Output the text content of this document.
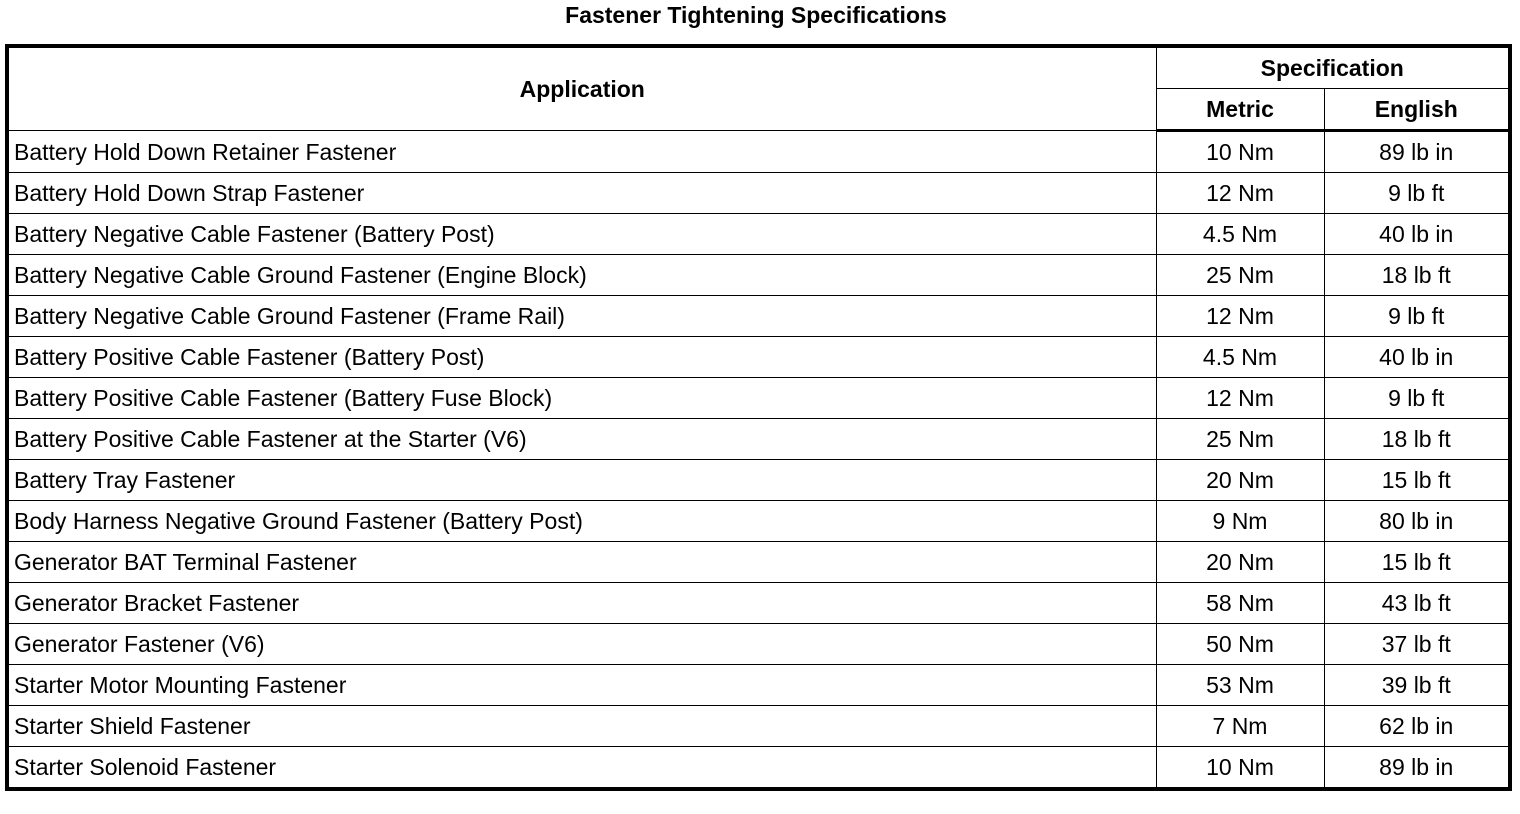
Fastener Tightening Specifications
Application	Specification	
	Metric	English
Battery Hold Down Retainer Fastener	10 Nm	89 lb in
Battery Hold Down Strap Fastener	12 Nm	9 lb ft
Battery Negative Cable Fastener (Battery Post)	4.5 Nm	40 lb in
Battery Negative Cable Ground Fastener (Engine Block)	25 Nm	18 lb ft
Battery Negative Cable Ground Fastener (Frame Rail)	12 Nm	9 lb ft
Battery Positive Cable Fastener (Battery Post)	4.5 Nm	40 lb in
Battery Positive Cable Fastener (Battery Fuse Block)	12 Nm	9 lb ft
Battery Positive Cable Fastener at the Starter (V6)	25 Nm	18 lb ft
Battery Tray Fastener	20 Nm	15 lb ft
Body Harness Negative Ground Fastener (Battery Post)	9 Nm	80 lb in
Generator BAT Terminal Fastener	20 Nm	15 lb ft
Generator Bracket Fastener	58 Nm	43 lb ft
Generator Fastener (V6)	50 Nm	37 lb ft
Starter Motor Mounting Fastener	53 Nm	39 lb ft
Starter Shield Fastener	7 Nm	62 lb in
Starter Solenoid Fastener	10 Nm	89 lb in
